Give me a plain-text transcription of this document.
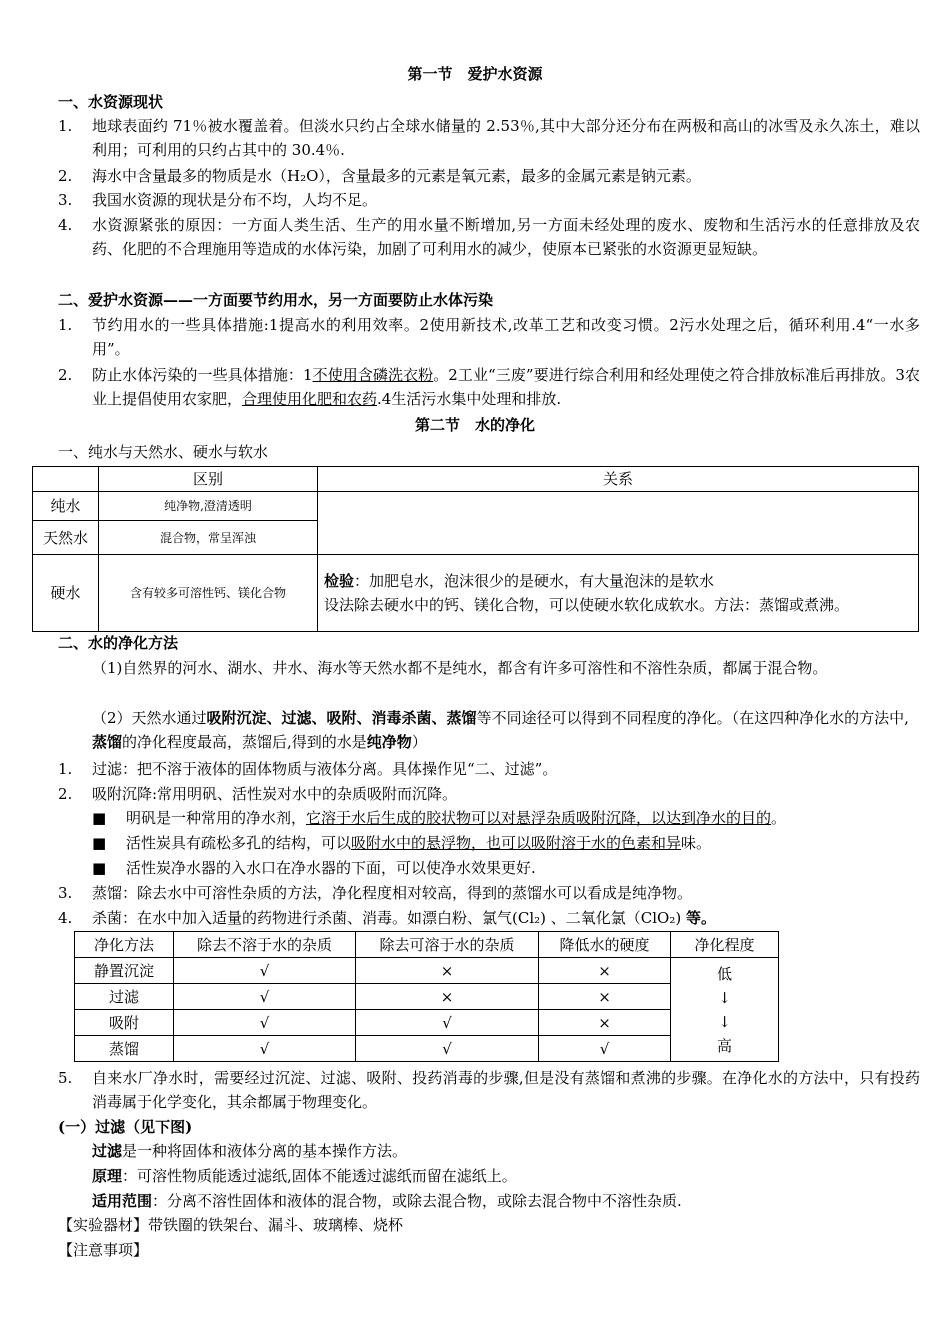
第一节　爱护水资源
一、水资源现状
1. 地球表面约 71％被水覆盖着。但淡水只约占全球水储量的 2.53％,其中大部分还分布在两极和高山的冰雪及永久冻土，难以利用；可利用的只约占其中的 30.4％.
2. 海水中含量最多的物质是水（H₂O），含量最多的元素是氧元素，最多的金属元素是钠元素。
3. 我国水资源的现状是分布不均，人均不足。
4. 水资源紧张的原因：一方面人类生活、生产的用水量不断增加,另一方面未经处理的废水、废物和生活污水的任意排放及农药、化肥的不合理施用等造成的水体污染，加剧了可利用水的减少，使原本已紧张的水资源更显短缺。
二、爱护水资源——一方面要节约用水，另一方面要防止水体污染
1. 节约用水的一些具体措施:1提高水的利用效率。2使用新技术,改革工艺和改变习惯。2污水处理之后，循环利用.4“一水多用”。
2. 防止水体污染的一些具体措施：1不使用含磷洗衣粉。2工业“三废”要进行综合利用和经处理使之符合排放标准后再排放。3农业上提倡使用农家肥，合理使用化肥和农药.4生活污水集中处理和排放.
第二节　水的净化
一、纯水与天然水、硬水与软水
	区别	关系
纯水	纯净物,澄清透明	
天然水	混合物，常呈浑浊	
硬水	含有较多可溶性钙、镁化合物	检验：加肥皂水，泡沫很少的是硬水，有大量泡沫的是软水
设法除去硬水中的钙、镁化合物，可以使硬水软化成软水。方法：蒸馏或煮沸。
二、水的净化方法
（1)自然界的河水、湖水、井水、海水等天然水都不是纯水，都含有许多可溶性和不溶性杂质，都属于混合物。
（2）天然水通过吸附沉淀、过滤、吸附、消毒杀菌、蒸馏等不同途径可以得到不同程度的净化。（在这四种净化水的方法中,蒸馏的净化程度最高，蒸馏后,得到的水是纯净物）
1. 过滤：把不溶于液体的固体物质与液体分离。具体操作见“二、过滤”。
2. 吸附沉降:常用明矾、活性炭对水中的杂质吸附而沉降。
■ 明矾是一种常用的净水剂，它溶于水后生成的胶状物可以对悬浮杂质吸附沉降，以达到净水的目的。
■ 活性炭具有疏松多孔的结构，可以吸附水中的悬浮物，也可以吸附溶于水的色素和异味。
■ 活性炭净水器的入水口在净水器的下面，可以使净水效果更好.
3. 蒸馏：除去水中可溶性杂质的方法，净化程度相对较高，得到的蒸馏水可以看成是纯净物。
4. 杀菌：在水中加入适量的药物进行杀菌、消毒。如漂白粉、氯气(Cl₂) 、二氧化氯（ClO₂) 等。
净化方法	除去不溶于水的杂质	除去可溶于水的杂质	降低水的硬度	净化程度
静置沉淀	√	×	×	低
↓
↓
高

过滤	√	×	×	
吸附	√	√	×	
蒸馏	√	√	√	
5. 自来水厂净水时，需要经过沉淀、过滤、吸附、投药消毒的步骤,但是没有蒸馏和煮沸的步骤。在净化水的方法中，只有投药消毒属于化学变化，其余都属于物理变化。
(一）过滤（见下图)
过滤是一种将固体和液体分离的基本操作方法。
原理：可溶性物质能透过滤纸,固体不能透过滤纸而留在滤纸上。
适用范围：分离不溶性固体和液体的混合物，或除去混合物，或除去混合物中不溶性杂质.
【实验器材】带铁圈的铁架台、漏斗、玻璃棒、烧杯
【注意事项】
